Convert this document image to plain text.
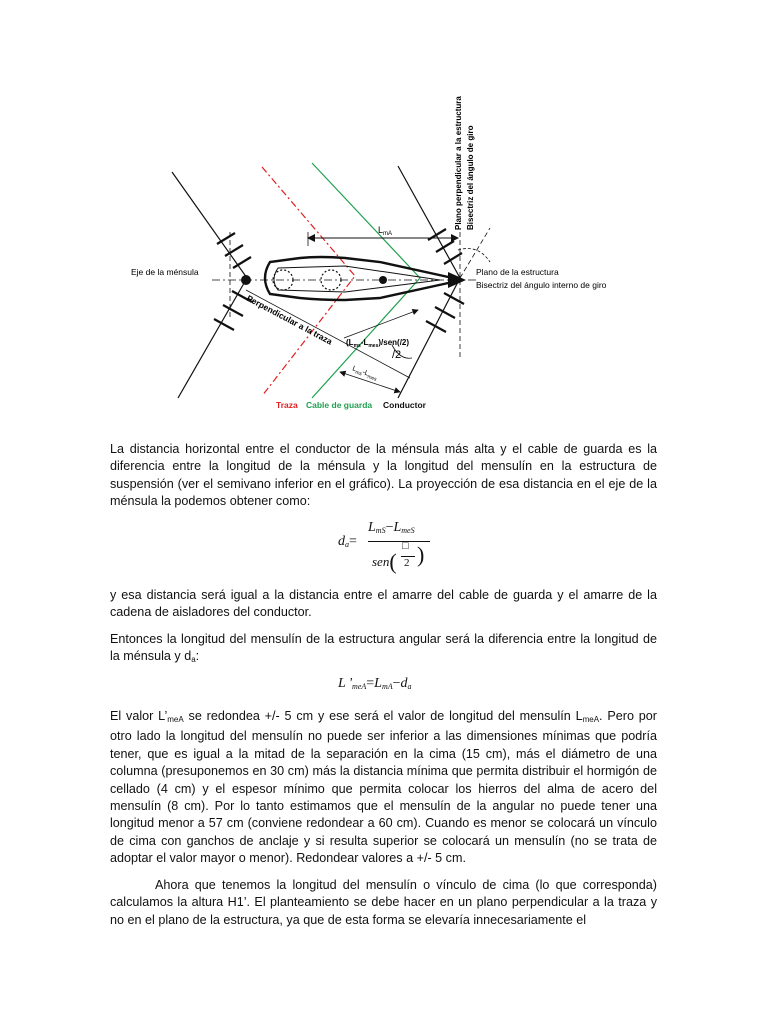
Plano perpendicular a la estructura Bisectriz del ángulo de giro
$L_{mA}$
Eje de la ménsula	Plano de la estructura
Bisectriz del ángulo interno de giro
Perpendicular a la traza $(L_{ms}-L_{mes})/sen(/2)$
/2
$L_{ms}-L_{mes}$
Traza Cable de guarda Conductor

La distancia horizontal entre el conductor de la ménsula más alta y el cable de guarda es la diferencia entre la longitud de la ménsula y la longitud del mensulín en la estructura de suspensión (ver el semivano inferior en el gráfico). La proyección de esa distancia en el eje de la ménsula la podemos obtener como:

$d_a=$
$L_{mS}-L_{meS}$
sen(
□
2 )

y esa distancia será igual a la distancia entre el amarre del cable de guarda y el amarre de la cadena de aisladores del conductor.

Entonces la longitud del mensulín de la estructura angular será la diferencia entre la longitud de la ménsula y $d_a$:

L '$_{meA}=L_{mA}-d_a$

El valor $L’_{meA}$ se redondea +/- 5 cm y ese será el valor de longitud del mensulín $L_{meA}$. Pero por otro lado la longitud del mensulín no puede ser inferior a las dimensiones mínimas que podría tener, que es igual a la mitad de la separación en la cima (15 cm), más el diámetro de una columna (presuponemos en 30 cm) más la distancia mínima que permita distribuir el hormigón de cellado (4 cm) y el espesor mínimo que permita colocar los hierros del alma de acero del mensulín (8 cm). Por lo tanto estimamos que el mensulín de la angular no puede tener una longitud menor a 57 cm (conviene redondear a 60 cm). Cuando es menor se colocará un vínculo de cima con ganchos de anclaje y si resulta superior se colocará un mensulín (no se trata de adoptar el valor mayor o menor). Redondear valores a +/- 5 cm.

Ahora que tenemos la longitud del mensulín o vínculo de cima (lo que corresponda) calculamos la altura H1’. El planteamiento se debe hacer en un plano perpendicular a la traza y no en el plano de la estructura, ya que de esta forma se elevaría innecesariamente el
